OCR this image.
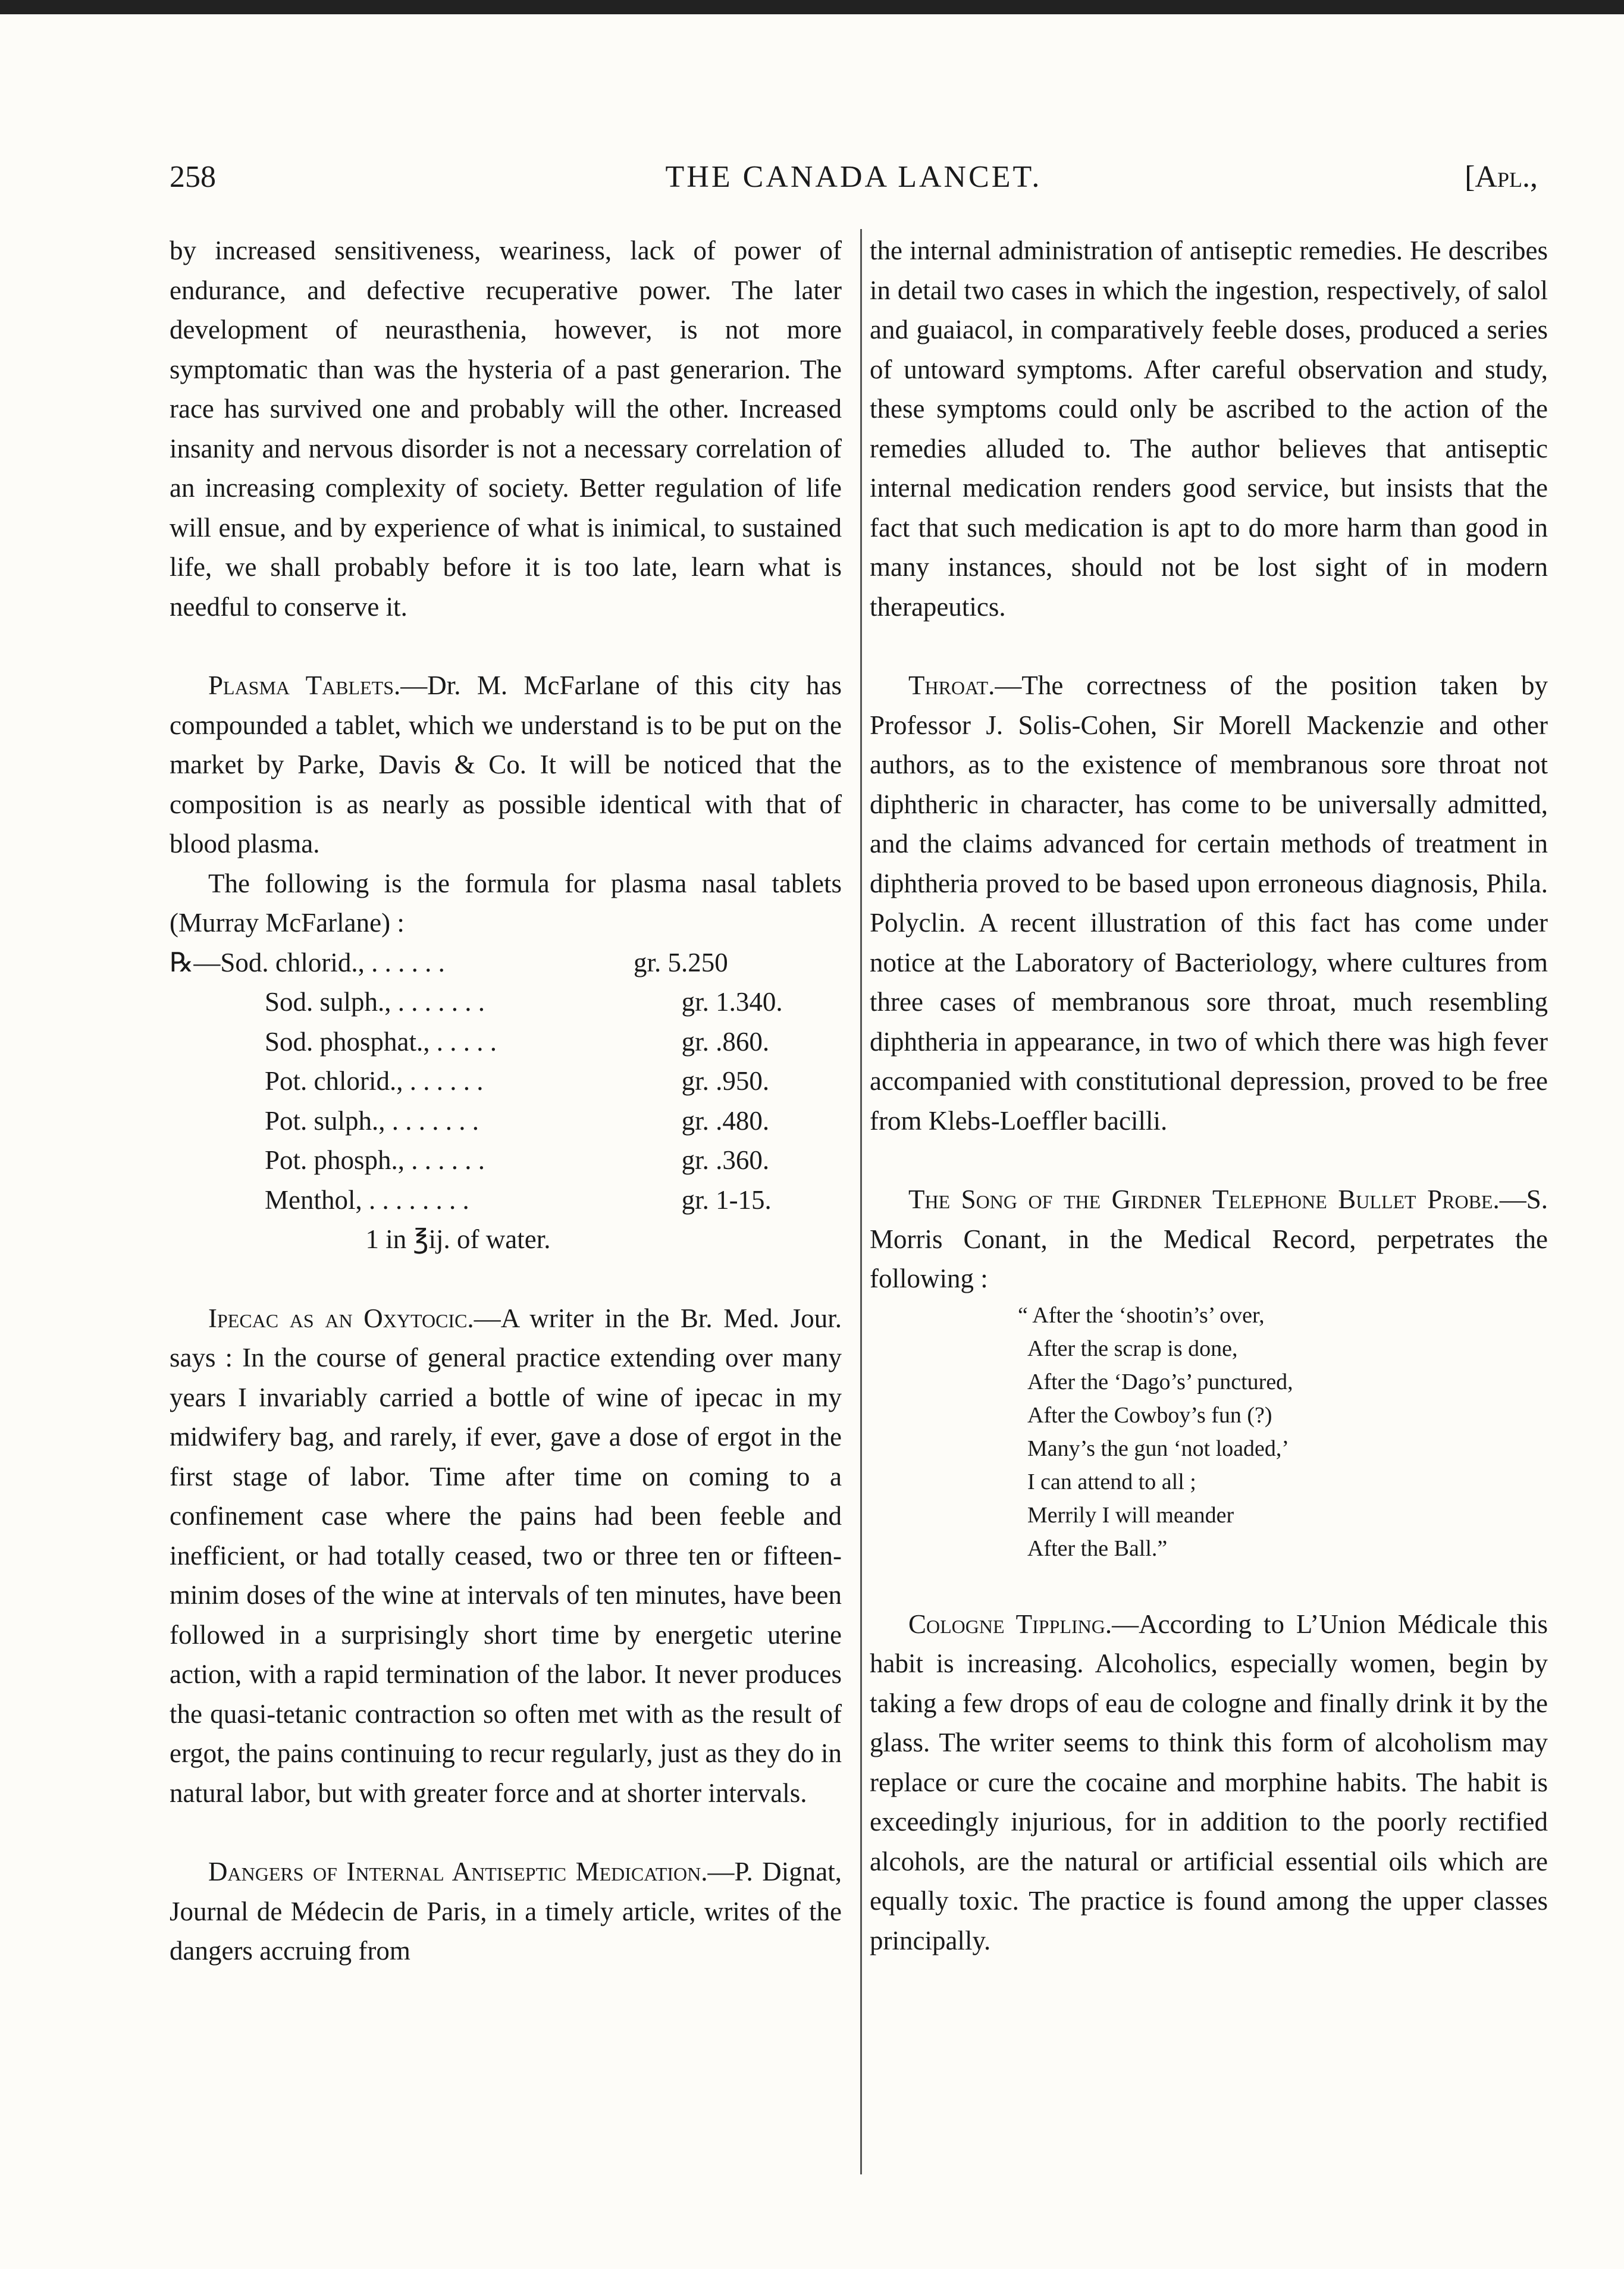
258	THE CANADA LANCET.	[Apl.,

by increased sensitiveness, weariness, lack of power of endurance, and defective recuperative power. The later development of neurasthenia, however, is not more symptomatic than was the hysteria of a past generarion. The race has survived one and probably will the other. Increased insanity and nervous disorder is not a necessary correlation of an increasing complexity of society. Better regulation of life will ensue, and by experience of what is inimical, to sustained life, we shall probably before it is too late, learn what is needful to conserve it.

Plasma Tablets.—Dr. M. McFarlane of this city has compounded a tablet, which we understand is to be put on the market by Parke, Davis & Co. It will be noticed that the composition is as nearly as possible identical with that of blood plasma.

The following is the formula for plasma nasal tablets (Murray McFarlane) :

℞—Sod. chlorid., . . . . . .	gr. 5.250
Sod. sulph., . . . . . . .	gr. 1.340.
Sod. phosphat., . . . . .	gr. .860.
Pot. chlorid., . . . . . .	gr. .950.
Pot. sulph., . . . . . . .	gr. .480.
Pot. phosph., . . . . . .	gr. .360.
Menthol, . . . . . . . .	gr. 1-15.

1 in ℥ij. of water.

Ipecac as an Oxytocic.—A writer in the Br. Med. Jour. says : In the course of general practice extending over many years I invariably carried a bottle of wine of ipecac in my midwifery bag, and rarely, if ever, gave a dose of ergot in the first stage of labor. Time after time on coming to a confinement case where the pains had been feeble and inefficient, or had totally ceased, two or three ten or fifteen-minim doses of the wine at intervals of ten minutes, have been followed in a surprisingly short time by energetic uterine action, with a rapid termination of the labor. It never produces the quasi-tetanic contraction so often met with as the result of ergot, the pains continuing to recur regularly, just as they do in natural labor, but with greater force and at shorter intervals.

Dangers of Internal Antiseptic Medication.—P. Dignat, Journal de Médecin de Paris, in a timely article, writes of the dangers accruing from

the internal administration of antiseptic remedies. He describes in detail two cases in which the ingestion, respectively, of salol and guaiacol, in comparatively feeble doses, produced a series of untoward symptoms. After careful observation and study, these symptoms could only be ascribed to the action of the remedies alluded to. The author believes that antiseptic internal medication renders good service, but insists that the fact that such medication is apt to do more harm than good in many instances, should not be lost sight of in modern therapeutics.

Throat.—The correctness of the position taken by Professor J. Solis-Cohen, Sir Morell Mackenzie and other authors, as to the existence of membranous sore throat not diphtheric in character, has come to be universally admitted, and the claims advanced for certain methods of treatment in diphtheria proved to be based upon erroneous diagnosis, Phila. Polyclin. A recent illustration of this fact has come under notice at the Laboratory of Bacteriology, where cultures from three cases of membranous sore throat, much resembling diphtheria in appearance, in two of which there was high fever accompanied with constitutional depression, proved to be free from Klebs-Loeffler bacilli.

The Song of the Girdner Telephone Bullet Probe.—S. Morris Conant, in the Medical Record, perpetrates the following :

“ After the ‘shootin’s’ over,
After the scrap is done,
After the ‘Dago’s’ punctured,
After the Cowboy’s fun (?)
Many’s the gun ‘not loaded,’
I can attend to all ;
Merrily I will meander
After the Ball.”

Cologne Tippling.—According to L’Union Médicale this habit is increasing. Alcoholics, especially women, begin by taking a few drops of eau de cologne and finally drink it by the glass. The writer seems to think this form of alcoholism may replace or cure the cocaine and morphine habits. The habit is exceedingly injurious, for in addition to the poorly rectified alcohols, are the natural or artificial essential oils which are equally toxic. The practice is found among the upper classes principally.
